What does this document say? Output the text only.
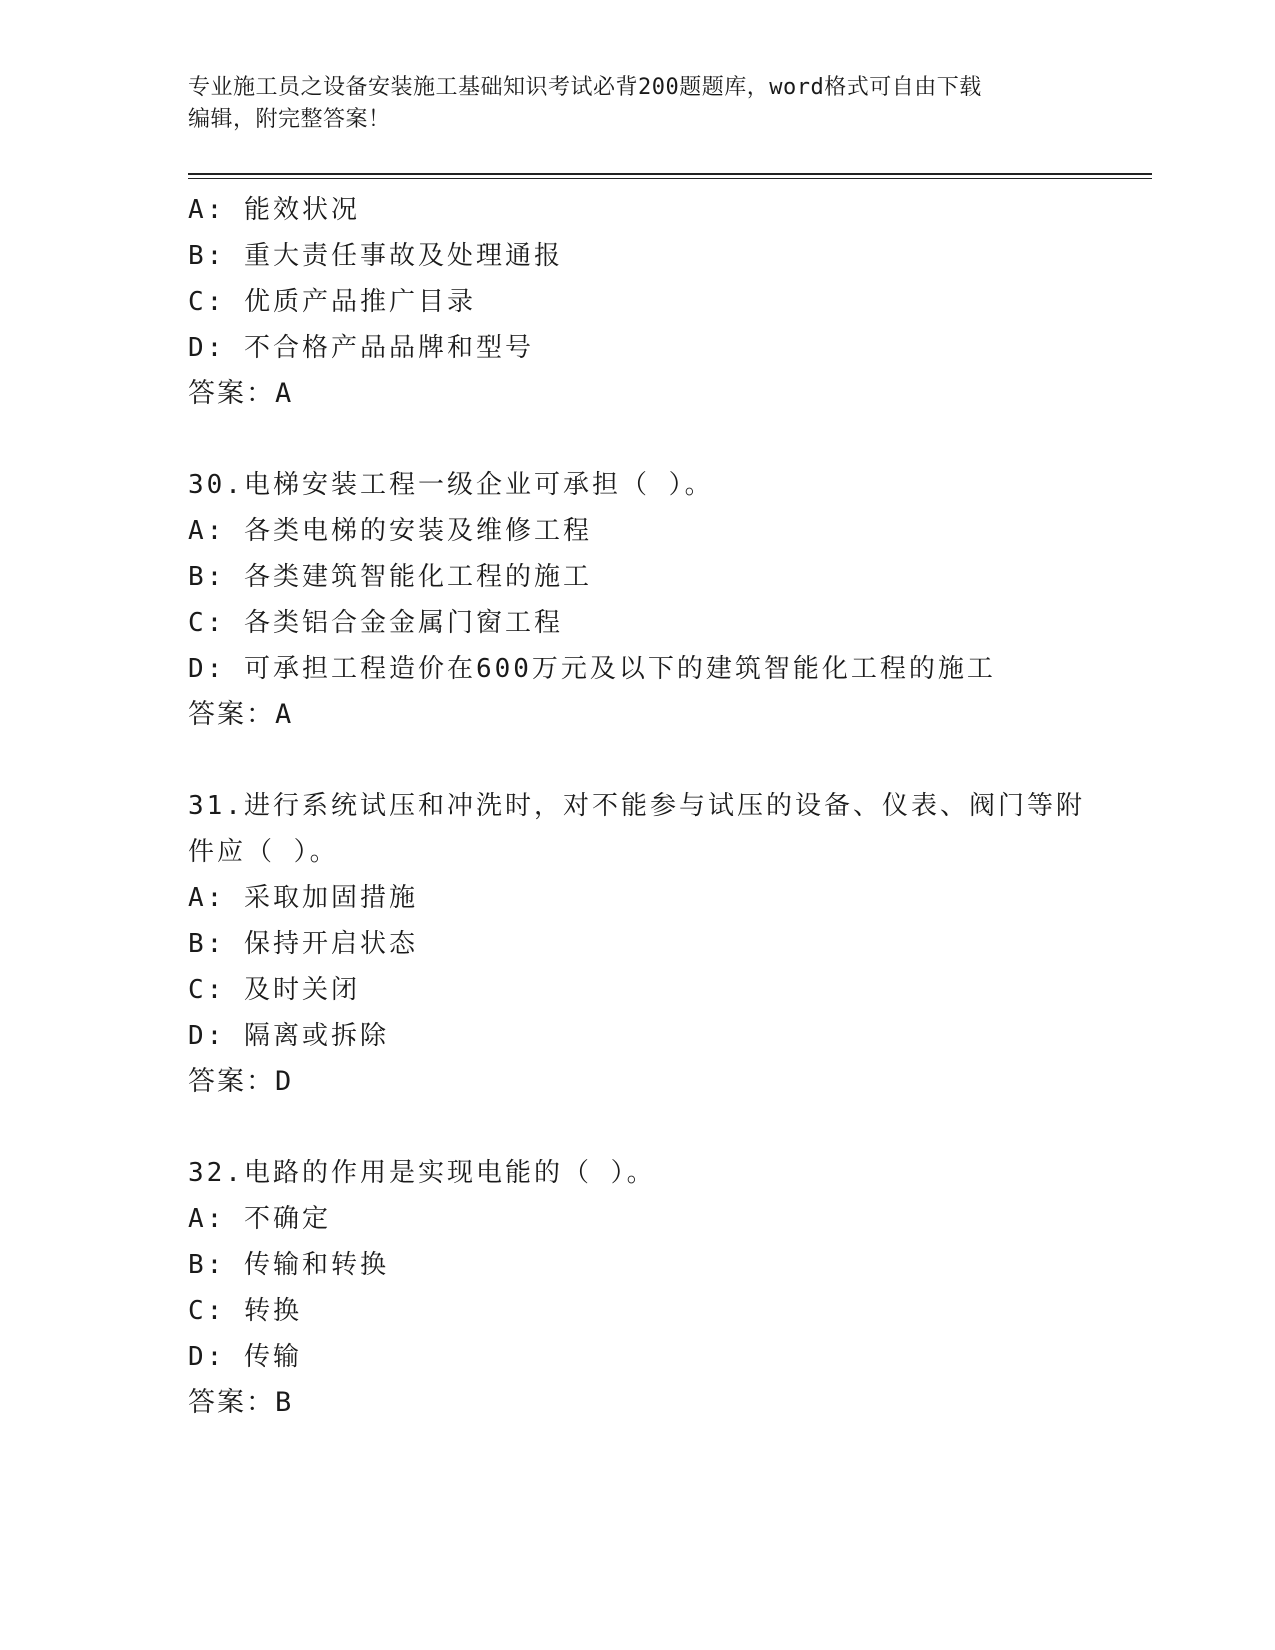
专业施工员之设备安装施工基础知识考试必背200题题库，word格式可自由下载
编辑，附完整答案！
A: 能效状况
B: 重大责任事故及处理通报
C: 优质产品推广目录
D: 不合格产品品牌和型号
答案：A
30.电梯安装工程一级企业可承担（ ）。
A: 各类电梯的安装及维修工程
B: 各类建筑智能化工程的施工
C: 各类铝合金金属门窗工程
D: 可承担工程造价在600万元及以下的建筑智能化工程的施工
答案：A
31.进行系统试压和冲洗时，对不能参与试压的设备、仪表、阀门等附
件应（ ）。
A: 采取加固措施
B: 保持开启状态
C: 及时关闭
D: 隔离或拆除
答案：D
32.电路的作用是实现电能的（ ）。
A: 不确定
B: 传输和转换
C: 转换
D: 传输
答案：B
